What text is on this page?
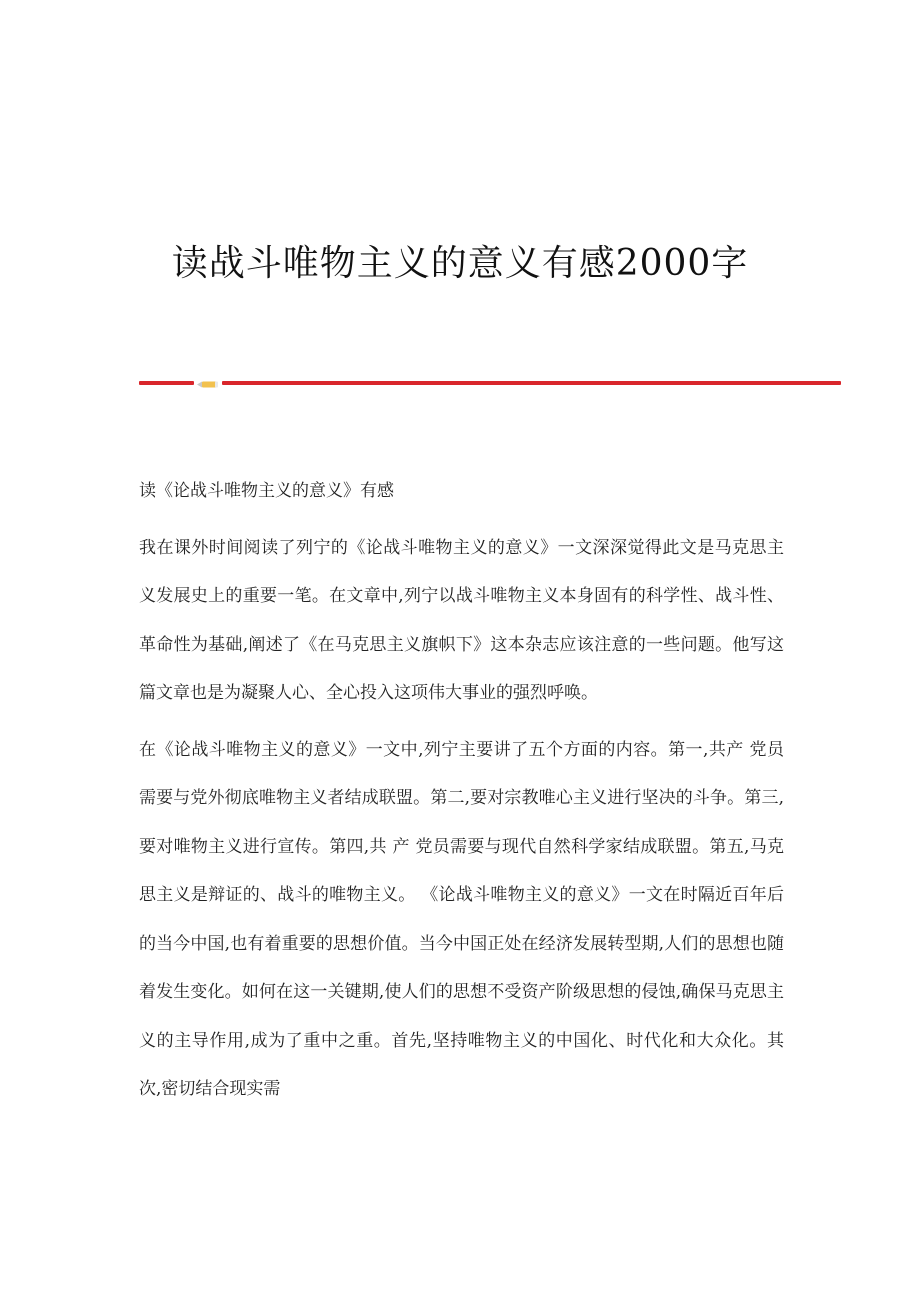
读战斗唯物主义的意义有感2000字

读《论战斗唯物主义的意义》有感

我在课外时间阅读了列宁的《论战斗唯物主义的意义》一文深深觉得此文是马克思主义发展史上的重要一笔。在文章中,列宁以战斗唯物主义本身固有的科学性、战斗性、革命性为基础,阐述了《在马克思主义旗帜下》这本杂志应该注意的一些问题。他写这篇文章也是为凝聚人心、全心投入这项伟大事业的强烈呼唤。

在《论战斗唯物主义的意义》一文中,列宁主要讲了五个方面的内容。第一,共产 党员需要与党外彻底唯物主义者结成联盟。第二,要对宗教唯心主义进行坚决的斗争。第三,要对唯物主义进行宣传。第四,共 产 党员需要与现代自然科学家结成联盟。第五,马克思主义是辩证的、战斗的唯物主义。 《论战斗唯物主义的意义》一文在时隔近百年后的当今中国,也有着重要的思想价值。当今中国正处在经济发展转型期,人们的思想也随着发生变化。如何在这一关键期,使人们的思想不受资产阶级思想的侵蚀,确保马克思主义的主导作用,成为了重中之重。首先,坚持唯物主义的中国化、时代化和大众化。其次,密切结合现实需
